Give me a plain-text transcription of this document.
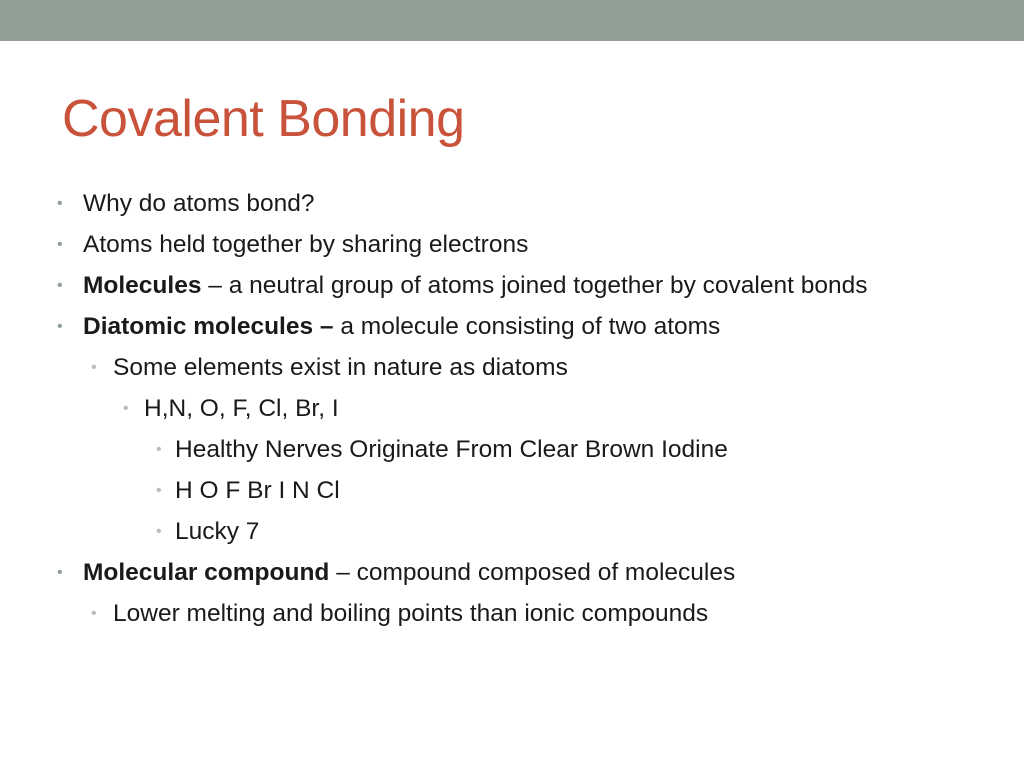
Covalent Bonding
• Why do atoms bond?
• Atoms held together by sharing electrons
• Molecules – a neutral group of atoms joined together by covalent bonds
• Diatomic molecules – a molecule consisting of two atoms
• Some elements exist in nature as diatoms
• H,N, O, F, Cl, Br, I
• Healthy Nerves Originate From Clear Brown Iodine
• H O F Br I N Cl
• Lucky 7
• Molecular compound – compound composed of molecules
• Lower melting and boiling points than ionic compounds
